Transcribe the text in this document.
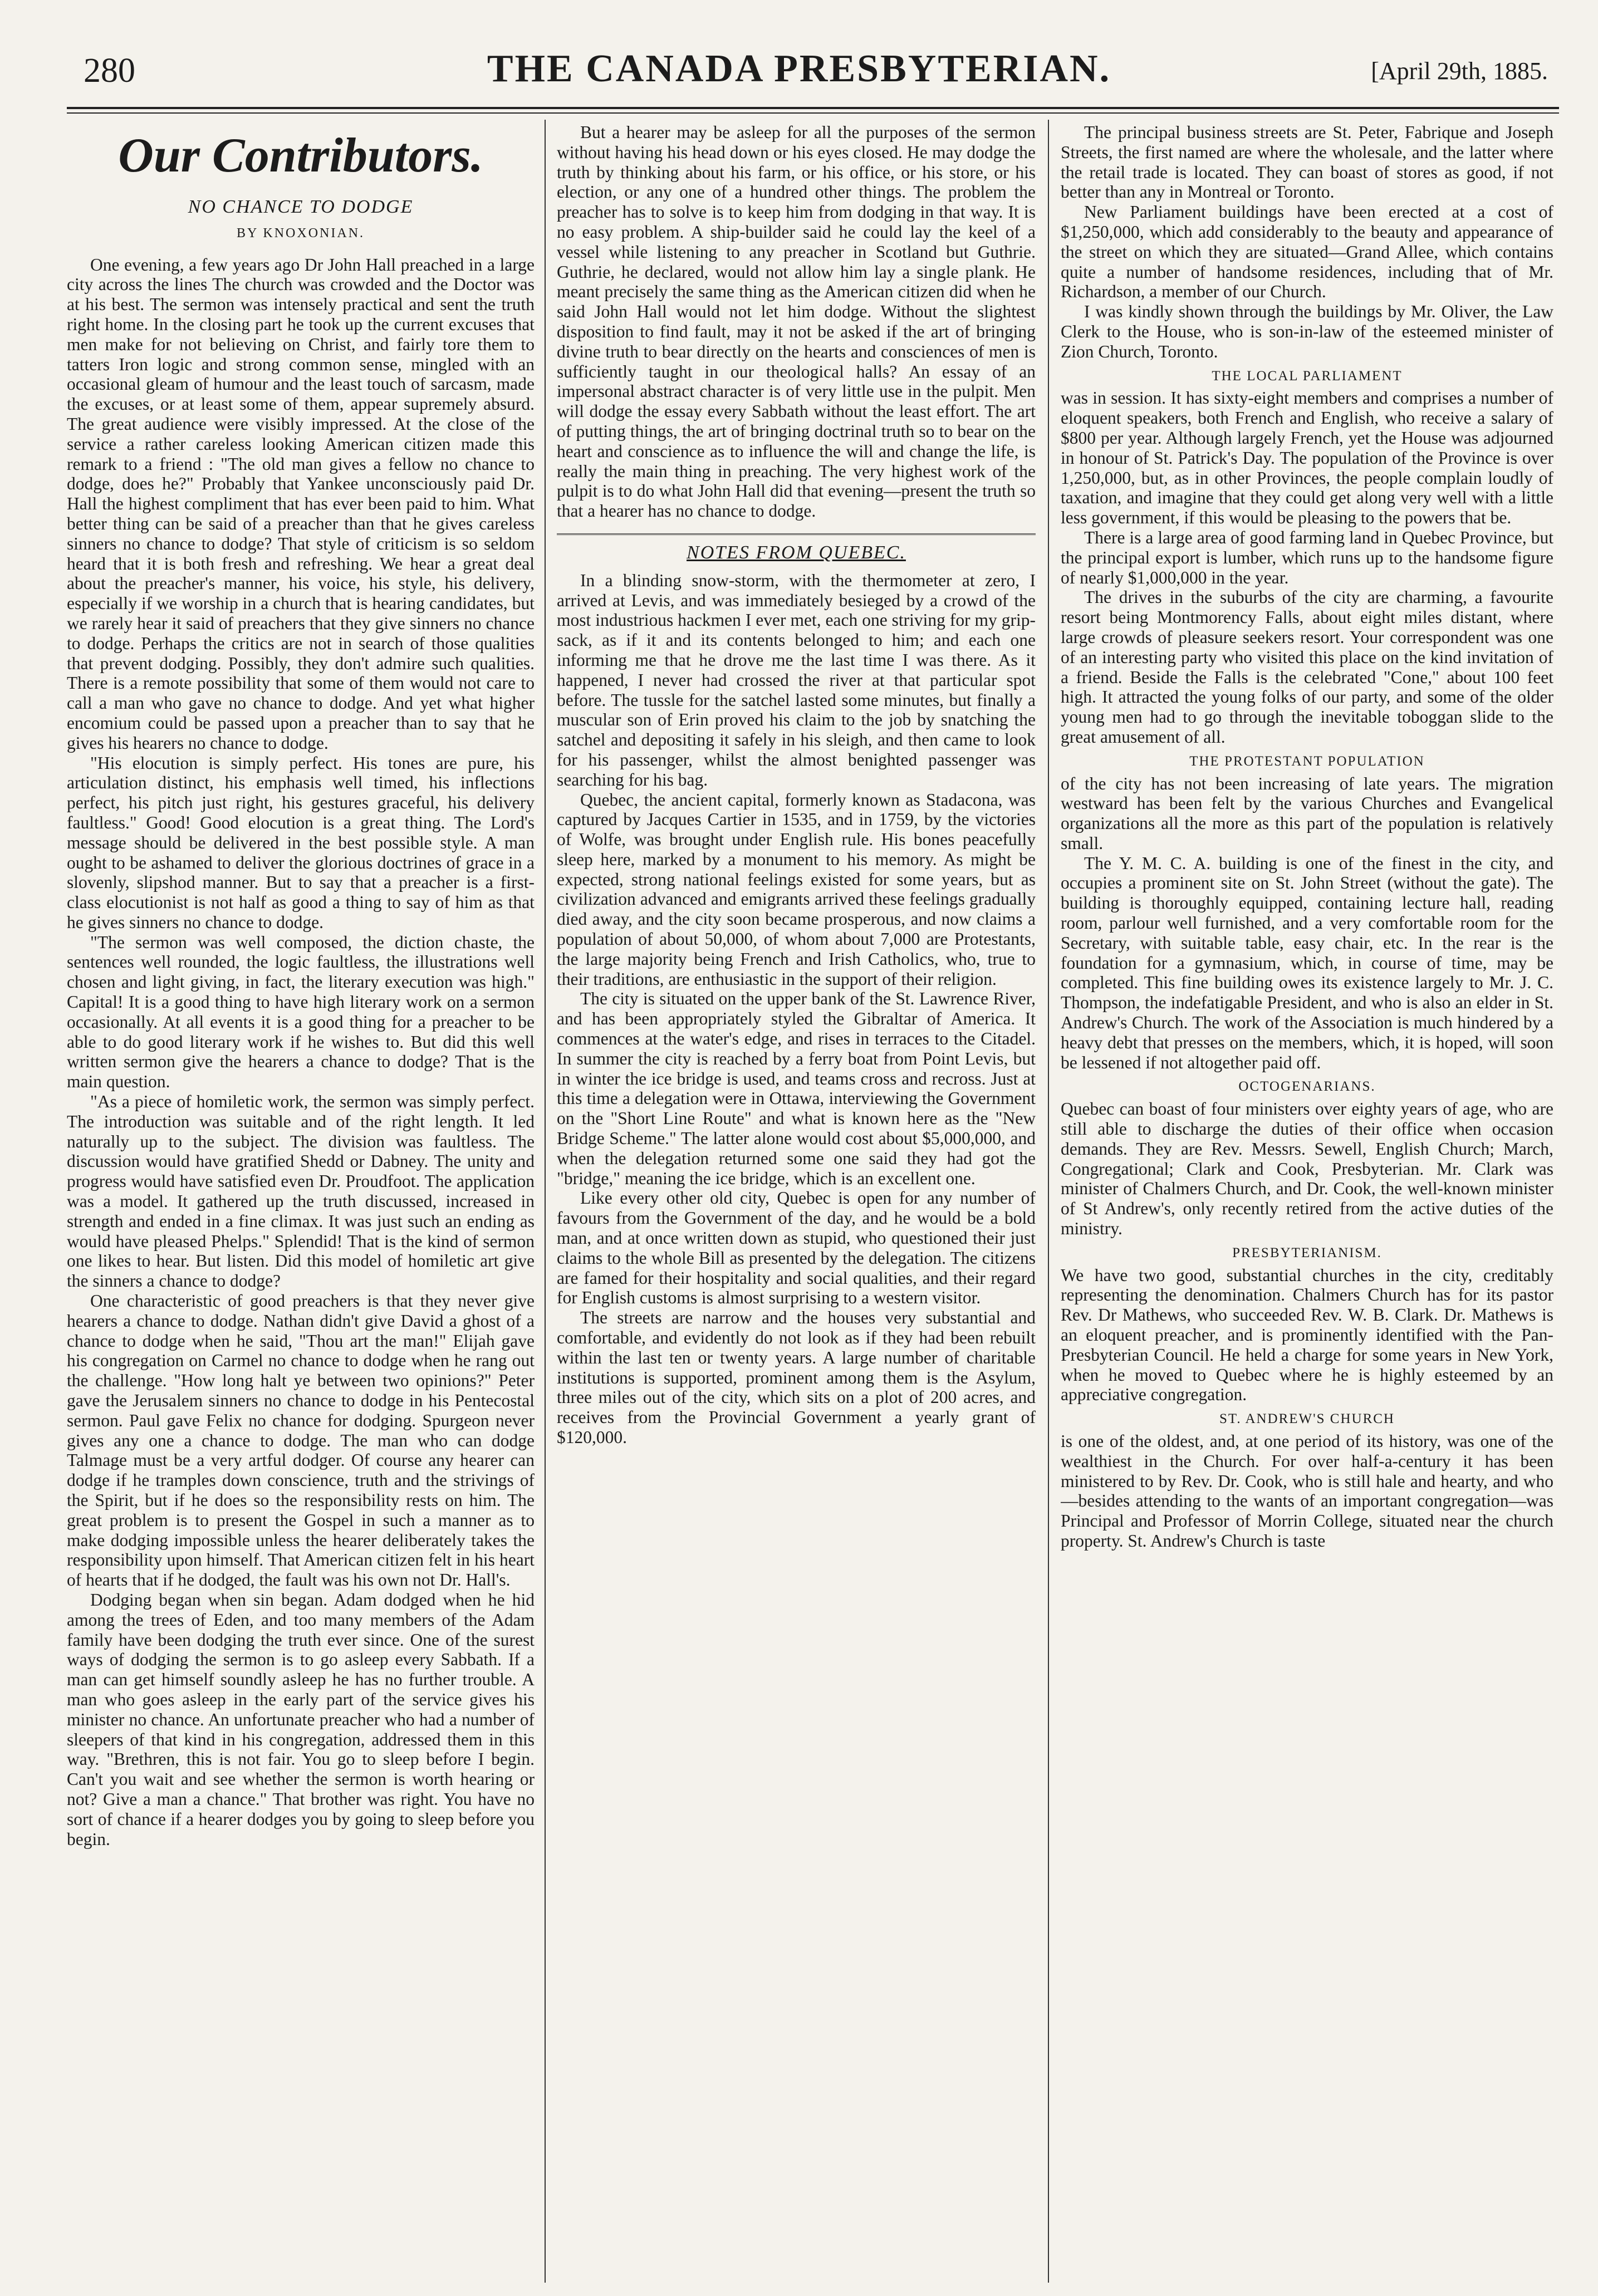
280	THE CANADA PRESBYTERIAN.	[April 29th, 1885.
Our Contributors.
NO CHANCE TO DODGE
BY KNOXONIAN.

One evening, a few years ago Dr John Hall preached in a large city across the lines The church was crowded and the Doctor was at his best. The sermon was intensely practical and sent the truth right home. In the closing part he took up the current excuses that men make for not believing on Christ, and fairly tore them to tatters Iron logic and strong common sense, mingled with an occasional gleam of humour and the least touch of sarcasm, made the excuses, or at least some of them, appear supremely absurd. The great audience were visibly impressed. At the close of the service a rather careless looking American citizen made this remark to a friend : "The old man gives a fellow no chance to dodge, does he?" Probably that Yankee unconsciously paid Dr. Hall the highest compliment that has ever been paid to him. What better thing can be said of a preacher than that he gives careless sinners no chance to dodge? That style of criticism is so seldom heard that it is both fresh and refreshing. We hear a great deal about the preacher's manner, his voice, his style, his delivery, especially if we worship in a church that is hearing candidates, but we rarely hear it said of preachers that they give sinners no chance to dodge. Perhaps the critics are not in search of those qualities that prevent dodging. Possibly, they don't admire such qualities. There is a remote possibility that some of them would not care to call a man who gave no chance to dodge. And yet what higher encomium could be passed upon a preacher than to say that he gives his hearers no chance to dodge.

"His elocution is simply perfect. His tones are pure, his articulation distinct, his emphasis well timed, his inflections perfect, his pitch just right, his gestures graceful, his delivery faultless." Good! Good elocution is a great thing. The Lord's message should be delivered in the best possible style. A man ought to be ashamed to deliver the glorious doctrines of grace in a slovenly, slipshod manner. But to say that a preacher is a first-class elocutionist is not half as good a thing to say of him as that he gives sinners no chance to dodge.

"The sermon was well composed, the diction chaste, the sentences well rounded, the logic faultless, the illustrations well chosen and light giving, in fact, the literary execution was high." Capital! It is a good thing to have high literary work on a sermon occasionally. At all events it is a good thing for a preacher to be able to do good literary work if he wishes to. But did this well written sermon give the hearers a chance to dodge? That is the main question.

"As a piece of homiletic work, the sermon was simply perfect. The introduction was suitable and of the right length. It led naturally up to the subject. The division was faultless. The discussion would have gratified Shedd or Dabney. The unity and progress would have satisfied even Dr. Proudfoot. The application was a model. It gathered up the truth discussed, increased in strength and ended in a fine climax. It was just such an ending as would have pleased Phelps." Splendid! That is the kind of sermon one likes to hear. But listen. Did this model of homiletic art give the sinners a chance to dodge?

One characteristic of good preachers is that they never give hearers a chance to dodge. Nathan didn't give David a ghost of a chance to dodge when he said, "Thou art the man!" Elijah gave his congregation on Carmel no chance to dodge when he rang out the challenge. "How long halt ye between two opinions?" Peter gave the Jerusalem sinners no chance to dodge in his Pentecostal sermon. Paul gave Felix no chance for dodging. Spurgeon never gives any one a chance to dodge. The man who can dodge Talmage must be a very artful dodger. Of course any hearer can dodge if he tramples down conscience, truth and the strivings of the Spirit, but if he does so the responsibility rests on him. The great problem is to present the Gospel in such a manner as to make dodging impossible unless the hearer deliberately takes the responsibility upon himself. That American citizen felt in his heart of hearts that if he dodged, the fault was his own not Dr. Hall's.

Dodging began when sin began. Adam dodged when he hid among the trees of Eden, and too many members of the Adam family have been dodging the truth ever since. One of the surest ways of dodging the sermon is to go asleep every Sabbath. If a man can get himself soundly asleep he has no further trouble. A man who goes asleep in the early part of the service gives his minister no chance. An unfortunate preacher who had a number of sleepers of that kind in his congregation, addressed them in this way. "Brethren, this is not fair. You go to sleep before I begin. Can't you wait and see whether the sermon is worth hearing or not? Give a man a chance." That brother was right. You have no sort of chance if a hearer dodges you by going to sleep before you begin.

But a hearer may be asleep for all the purposes of the sermon without having his head down or his eyes closed. He may dodge the truth by thinking about his farm, or his office, or his store, or his election, or any one of a hundred other things. The problem the preacher has to solve is to keep him from dodging in that way. It is no easy problem. A ship-builder said he could lay the keel of a vessel while listening to any preacher in Scotland but Guthrie. Guthrie, he declared, would not allow him lay a single plank. He meant precisely the same thing as the American citizen did when he said John Hall would not let him dodge. Without the slightest disposition to find fault, may it not be asked if the art of bringing divine truth to bear directly on the hearts and consciences of men is sufficiently taught in our theological halls? An essay of an impersonal abstract character is of very little use in the pulpit. Men will dodge the essay every Sabbath without the least effort. The art of putting things, the art of bringing doctrinal truth so to bear on the heart and conscience as to influence the will and change the life, is really the main thing in preaching. The very highest work of the pulpit is to do what John Hall did that evening—present the truth so that a hearer has no chance to dodge.

NOTES FROM QUEBEC.

In a blinding snow-storm, with the thermometer at zero, I arrived at Levis, and was immediately besieged by a crowd of the most industrious hackmen I ever met, each one striving for my grip-sack, as if it and its contents belonged to him; and each one informing me that he drove me the last time I was there. As it happened, I never had crossed the river at that particular spot before. The tussle for the satchel lasted some minutes, but finally a muscular son of Erin proved his claim to the job by snatching the satchel and depositing it safely in his sleigh, and then came to look for his passenger, whilst the almost benighted passenger was searching for his bag.

Quebec, the ancient capital, formerly known as Stadacona, was captured by Jacques Cartier in 1535, and in 1759, by the victories of Wolfe, was brought under English rule. His bones peacefully sleep here, marked by a monument to his memory. As might be expected, strong national feelings existed for some years, but as civilization advanced and emigrants arrived these feelings gradually died away, and the city soon became prosperous, and now claims a population of about 50,000, of whom about 7,000 are Protestants, the large majority being French and Irish Catholics, who, true to their traditions, are enthusiastic in the support of their religion.

The city is situated on the upper bank of the St. Lawrence River, and has been appropriately styled the Gibraltar of America. It commences at the water's edge, and rises in terraces to the Citadel. In summer the city is reached by a ferry boat from Point Levis, but in winter the ice bridge is used, and teams cross and recross. Just at this time a delegation were in Ottawa, interviewing the Government on the "Short Line Route" and what is known here as the "New Bridge Scheme." The latter alone would cost about $5,000,000, and when the delegation returned some one said they had got the "bridge," meaning the ice bridge, which is an excellent one.

Like every other old city, Quebec is open for any number of favours from the Government of the day, and he would be a bold man, and at once written down as stupid, who questioned their just claims to the whole Bill as presented by the delegation. The citizens are famed for their hospitality and social qualities, and their regard for English customs is almost surprising to a western visitor.

The streets are narrow and the houses very substantial and comfortable, and evidently do not look as if they had been rebuilt within the last ten or twenty years. A large number of charitable institutions is supported, prominent among them is the Asylum, three miles out of the city, which sits on a plot of 200 acres, and receives from the Provincial Government a yearly grant of $120,000.

The principal business streets are St. Peter, Fabrique and Joseph Streets, the first named are where the wholesale, and the latter where the retail trade is located. They can boast of stores as good, if not better than any in Montreal or Toronto.

New Parliament buildings have been erected at a cost of $1,250,000, which add considerably to the beauty and appearance of the street on which they are situated—Grand Allee, which contains quite a number of handsome residences, including that of Mr. Richardson, a member of our Church.

I was kindly shown through the buildings by Mr. Oliver, the Law Clerk to the House, who is son-in-law of the esteemed minister of Zion Church, Toronto.

THE LOCAL PARLIAMENT

was in session. It has sixty-eight members and comprises a number of eloquent speakers, both French and English, who receive a salary of $800 per year. Although largely French, yet the House was adjourned in honour of St. Patrick's Day. The population of the Province is over 1,250,000, but, as in other Provinces, the people complain loudly of taxation, and imagine that they could get along very well with a little less government, if this would be pleasing to the powers that be.

There is a large area of good farming land in Quebec Province, but the principal export is lumber, which runs up to the handsome figure of nearly $1,000,000 in the year.

The drives in the suburbs of the city are charming, a favourite resort being Montmorency Falls, about eight miles distant, where large crowds of pleasure seekers resort. Your correspondent was one of an interesting party who visited this place on the kind invitation of a friend. Beside the Falls is the celebrated "Cone," about 100 feet high. It attracted the young folks of our party, and some of the older young men had to go through the inevitable toboggan slide to the great amusement of all.

THE PROTESTANT POPULATION

of the city has not been increasing of late years. The migration westward has been felt by the various Churches and Evangelical organizations all the more as this part of the population is relatively small.

The Y. M. C. A. building is one of the finest in the city, and occupies a prominent site on St. John Street (without the gate). The building is thoroughly equipped, containing lecture hall, reading room, parlour well furnished, and a very comfortable room for the Secretary, with suitable table, easy chair, etc. In the rear is the foundation for a gymnasium, which, in course of time, may be completed. This fine building owes its existence largely to Mr. J. C. Thompson, the indefatigable President, and who is also an elder in St. Andrew's Church. The work of the Association is much hindered by a heavy debt that presses on the members, which, it is hoped, will soon be lessened if not altogether paid off.

OCTOGENARIANS.

Quebec can boast of four ministers over eighty years of age, who are still able to discharge the duties of their office when occasion demands. They are Rev. Messrs. Sewell, English Church; March, Congregational; Clark and Cook, Presbyterian. Mr. Clark was minister of Chalmers Church, and Dr. Cook, the well-known minister of St Andrew's, only recently retired from the active duties of the ministry.

PRESBYTERIANISM.

We have two good, substantial churches in the city, creditably representing the denomination. Chalmers Church has for its pastor Rev. Dr Mathews, who succeeded Rev. W. B. Clark. Dr. Mathews is an eloquent preacher, and is prominently identified with the Pan-Presbyterian Council. He held a charge for some years in New York, when he moved to Quebec where he is highly esteemed by an appreciative congregation.

ST. ANDREW'S CHURCH

is one of the oldest, and, at one period of its history, was one of the wealthiest in the Church. For over half-a-century it has been ministered to by Rev. Dr. Cook, who is still hale and hearty, and who—besides attending to the wants of an important congregation—was Principal and Professor of Morrin College, situated near the church property. St. Andrew's Church is taste
